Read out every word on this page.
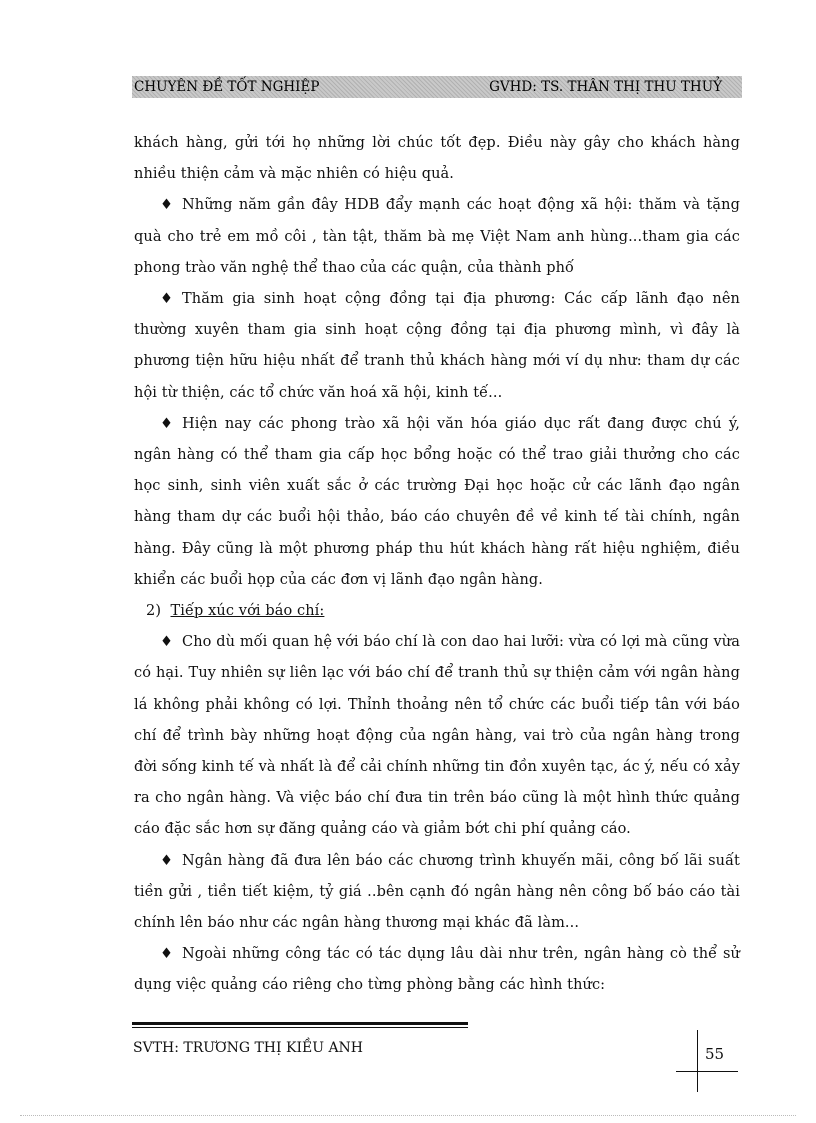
CHUYÊN ĐỀ TỐT NGHIỆP	GVHD: TS. THÂN THỊ THU THUỶ

khách hàng, gửi tới họ những lời chúc tốt đẹp. Điều này gây cho khách hàng nhiều thiện cảm và mặc nhiên có hiệu quả.

♦ Những năm gần đây HDB đẩy mạnh các hoạt động xã hội: thăm và tặng quà cho trẻ em mồ côi , tàn tật, thăm bà mẹ Việt Nam anh hùng...tham gia các phong trào văn nghệ thể thao của các quận, của thành phố

♦ Thăm gia sinh hoạt cộng đồng tại địa phương: Các cấp lãnh đạo nên thường xuyên tham gia sinh hoạt cộng đồng tại địa phương mình, vì đây là phương tiện hữu hiệu nhất để tranh thủ khách hàng mới ví dụ như: tham dự các hội từ thiện, các tổ chức văn hoá xã hội, kinh tế...

♦ Hiện nay các phong trào xã hội văn hóa giáo dục rất đang được chú ý, ngân hàng có thể tham gia cấp học bổng hoặc có thể trao giải thưởng cho các học sinh, sinh viên xuất sắc ở các trường Đại học hoặc cử các lãnh đạo ngân hàng tham dự các buổi hội thảo, báo cáo chuyên đề về kinh tế tài chính, ngân hàng. Đây cũng là một phương pháp thu hút khách hàng rất hiệu nghiệm, điều khiển các buổi họp của các đơn vị lãnh đạo ngân hàng.

2) Tiếp xúc với báo chí:

♦ Cho dù mối quan hệ với báo chí là con dao hai lưỡi: vừa có lợi mà cũng vừa có hại. Tuy nhiên sự liên lạc với báo chí để tranh thủ sự thiện cảm với ngân hàng lá không phải không có lợi. Thỉnh thoảng nên tổ chức các buổi tiếp tân với báo chí để trình bày những hoạt động của ngân hàng, vai trò của ngân hàng trong đời sống kinh tế và nhất là để cải chính những tin đồn xuyên tạc, ác ý, nếu có xảy ra cho ngân hàng. Và việc báo chí đưa tin trên báo cũng là một hình thức quảng cáo đặc sắc hơn sự đăng quảng cáo và giảm bớt chi phí quảng cáo.

♦ Ngân hàng đã đưa lên báo các chương trình khuyến mãi, công bố lãi suất tiền gửi , tiền tiết kiệm, tỷ giá ..bên cạnh đó ngân hàng nên công bố báo cáo tài chính lên báo như các ngân hàng thương mại khác đã làm...

♦ Ngoài những công tác có tác dụng lâu dài như trên, ngân hàng cò thể sử dụng việc quảng cáo riêng cho từng phòng bằng các hình thức:

SVTH: TRƯƠNG THỊ KIỀU ANH	55
